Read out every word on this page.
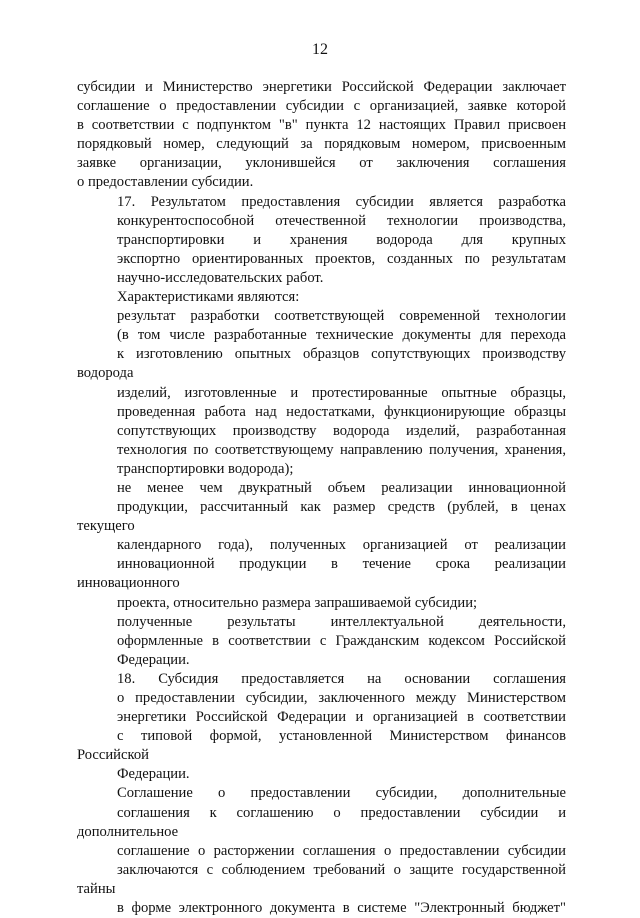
12
субсидии и Министерство энергетики Российской Федерации заключает
соглашение о предоставлении субсидии с организацией, заявке которой
в соответствии с подпунктом "в" пункта 12 настоящих Правил присвоен
порядковый номер, следующий за порядковым номером, присвоенным
заявке организации, уклонившейся от заключения соглашения
о предоставлении субсидии.
17. Результатом предоставления субсидии является разработка
конкурентоспособной отечественной технологии производства,
транспортировки и хранения водорода для крупных
экспортно ориентированных проектов, созданных по результатам
научно-исследовательских работ.
Характеристиками являются:
результат разработки соответствующей современной технологии
(в том числе разработанные технические документы для перехода
к изготовлению опытных образцов сопутствующих производству водорода
изделий, изготовленные и протестированные опытные образцы,
проведенная работа над недостатками, функционирующие образцы
сопутствующих производству водорода изделий, разработанная
технология по соответствующему направлению получения, хранения,
транспортировки водорода);
не менее чем двукратный объем реализации инновационной
продукции, рассчитанный как размер средств (рублей, в ценах текущего
календарного года), полученных организацией от реализации
инновационной продукции в течение срока реализации инновационного
проекта, относительно размера запрашиваемой субсидии;
полученные результаты интеллектуальной деятельности,
оформленные в соответствии с Гражданским кодексом Российской
Федерации.
18. Субсидия предоставляется на основании соглашения
о предоставлении субсидии, заключенного между Министерством
энергетики Российской Федерации и организацией в соответствии
с типовой формой, установленной Министерством финансов Российской
Федерации.
Соглашение о предоставлении субсидии, дополнительные
соглашения к соглашению о предоставлении субсидии и дополнительное
соглашение о расторжении соглашения о предоставлении субсидии
заключаются с соблюдением требований о защите государственной тайны
в форме электронного документа в системе "Электронный бюджет"
